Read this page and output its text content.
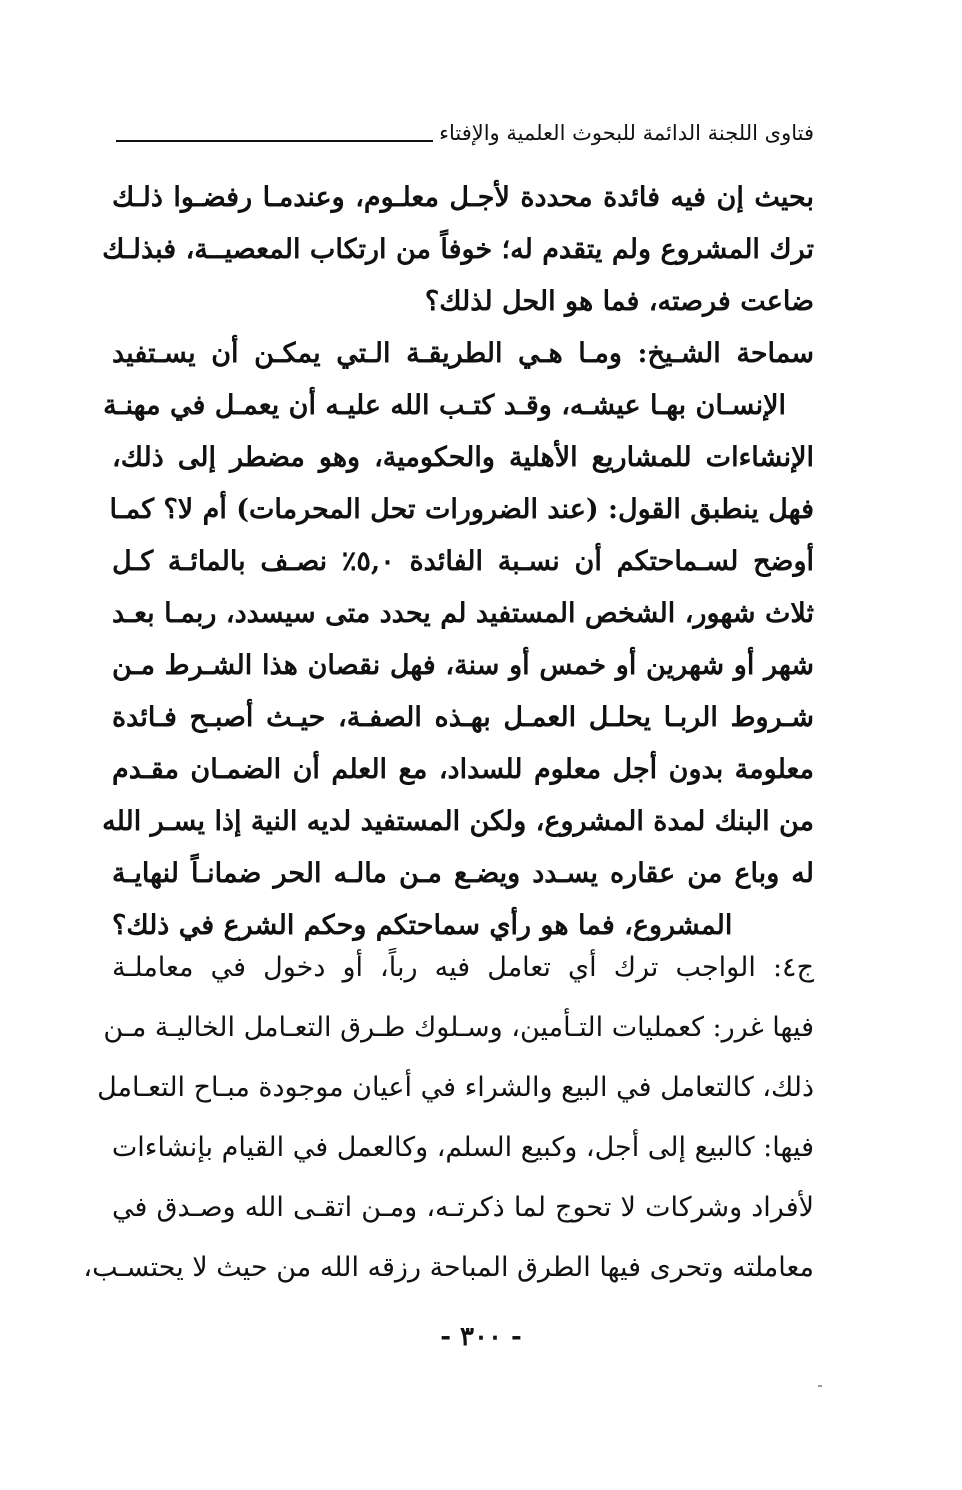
فتاوى اللجنة الدائمة للبحوث العلمية والإفتاء
بحيث إن فيه فائدة محددة لأجـل معلـوم، وعندمـا رفضـوا ذلـك
ترك المشروع ولم يتقدم له؛ خوفاً من ارتكاب المعصيــة، فبذلـك
ضاعت فرصته، فما هو الحل لذلك؟
سماحة الشـيخ: ومـا هـي الطريقـة الـتي يمكـن أن يسـتفيد
الإنسـان بهـا عيشـه، وقـد كتـب الله عليـه أن يعمـل في مهنـة
الإنشاءات للمشاريع الأهلية والحكومية، وهو مضطر إلى ذلك،
فهل ينطبق القول: (عند الضرورات تحل المحرمات) أم لا؟ كمـا
أوضح لسـماحتكم أن نسـبة الفائدة ٥,٠٪ نصـف بالمائـة كـل
ثلاث شهور، الشخص المستفيد لم يحدد متى سيسدد، ربمـا بعـد
شهر أو شهرين أو خمس أو سنة، فهل نقصان هذا الشـرط مـن
شـروط الربـا يحلـل العمـل بهـذه الصفـة، حيـث أصبـح فـائدة
معلومة بدون أجل معلوم للسداد، مع العلم أن الضمـان مقـدم
من البنك لمدة المشروع، ولكن المستفيد لديه النية إذا يسـر الله
له وباع من عقاره يسـدد ويضـع مـن مالـه الحر ضمانـاً لنهايـة
المشروع، فما هو رأي سماحتكم وحكم الشرع في ذلك؟
ج٤: الواجب ترك أي تعامل فيه رباً، أو دخول في معاملـة
فيها غرر: كعمليات التـأمين، وسـلوك طـرق التعـامل الخاليـة مـن
ذلك، كالتعامل في البيع والشراء في أعيان موجودة مبـاح التعـامل
فيها: كالبيع إلى أجل، وكبيع السلم، وكالعمل في القيام بإنشاءات
لأفراد وشركات لا تحوج لما ذكرتـه، ومـن اتقـى الله وصـدق في
معاملته وتحرى فيها الطرق المباحة رزقه الله من حيث لا يحتسـب،
- ٣٠٠ -
